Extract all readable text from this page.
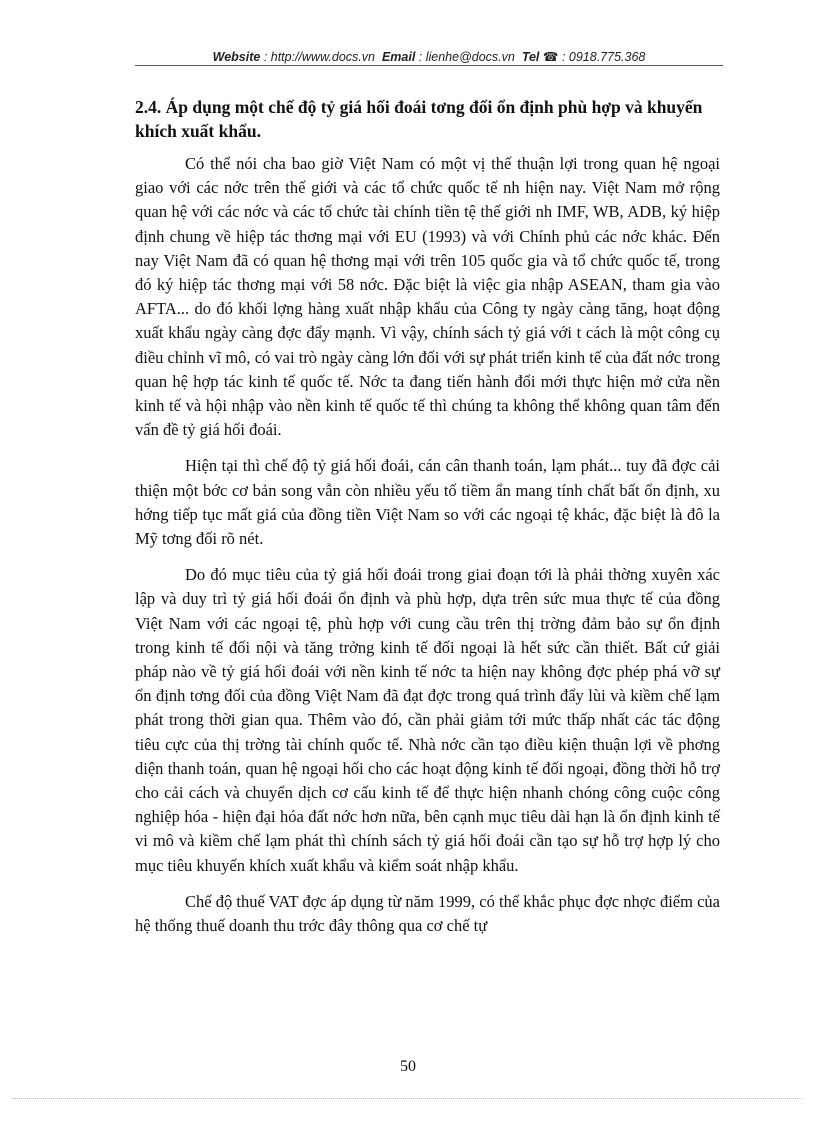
Website : http://www.docs.vn Email : lienhe@docs.vn Tel ☎ : 0918.775.368
2.4. Áp dụng một chế độ tỷ giá hối đoái tơng đối ổn định phù hợp và khuyến khích xuất khẩu.

Có thể nói cha bao giờ Việt Nam có một vị thế thuận lợi trong quan hệ ngoại giao với các nớc trên thế giới và các tổ chức quốc tế nh hiện nay. Việt Nam mở rộng quan hệ với các nớc và các tổ chức tài chính tiền tệ thế giới nh IMF, WB, ADB, ký hiệp định chung về hiệp tác thơng mại với EU (1993) và với Chính phủ các nớc khác. Đến nay Việt Nam đã có quan hệ thơng mại với trên 105 quốc gia và tổ chức quốc tế, trong đó ký hiệp tác thơng mại với 58 nớc. Đặc biệt là việc gia nhập ASEAN, tham gia vào AFTA... do đó khối lợng hàng xuất nhập khẩu của Công ty ngày càng tăng, hoạt động xuất khẩu ngày càng đợc đẩy mạnh. Vì vậy, chính sách tỷ giá với t cách là một công cụ điều chỉnh vĩ mô, có vai trò ngày càng lớn đối với sự phát triển kinh tế của đất nớc trong quan hệ hợp tác kinh tế quốc tế. Nớc ta đang tiến hành đổi mới thực hiện mở cửa nền kinh tế và hội nhập vào nền kinh tế quốc tế thì chúng ta không thể không quan tâm đến vấn đề tỷ giá hối đoái.

Hiện tại thì chế độ tỷ giá hối đoái, cán cân thanh toán, lạm phát... tuy đã đợc cải thiện một bớc cơ bản song vẫn còn nhiều yếu tố tiềm ẩn mang tính chất bất ổn định, xu hớng tiếp tục mất giá của đồng tiền Việt Nam so với các ngoại tệ khác, đặc biệt là đô la Mỹ tơng đối rõ nét.

Do đó mục tiêu của tỷ giá hối đoái trong giai đoạn tới là phải thờng xuyên xác lập và duy trì tỷ giá hối đoái ổn định và phù hợp, dựa trên sức mua thực tế của đồng Việt Nam với các ngoại tệ, phù hợp với cung cầu trên thị trờng đảm bảo sự ổn định trong kinh tế đối nội và tăng trởng kinh tế đối ngoại là hết sức cần thiết. Bất cứ giải pháp nào về tỷ giá hối đoái với nền kinh tế nớc ta hiện nay không đợc phép phá vỡ sự ổn định tơng đối của đồng Việt Nam đã đạt đợc trong quá trình đẩy lùi và kiềm chế lạm phát trong thời gian qua. Thêm vào đó, cần phải giảm tới mức thấp nhất các tác động tiêu cực của thị trờng tài chính quốc tế. Nhà nớc cần tạo điều kiện thuận lợi về phơng diện thanh toán, quan hệ ngoại hối cho các hoạt động kinh tế đối ngoại, đồng thời hỗ trợ cho cải cách và chuyển dịch cơ cấu kinh tế để thực hiện nhanh chóng công cuộc công nghiệp hóa - hiện đại hóa đất nớc hơn nữa, bên cạnh mục tiêu dài hạn là ổn định kinh tế vi mô và kiềm chế lạm phát thì chính sách tỷ giá hối đoái cần tạo sự hỗ trợ hợp lý cho mục tiêu khuyến khích xuất khẩu và kiểm soát nhập khẩu.

Chế độ thuế VAT đợc áp dụng từ năm 1999, có thể khắc phục đợc nhợc điểm của hệ thống thuế doanh thu trớc đây thông qua cơ chế tự

50
